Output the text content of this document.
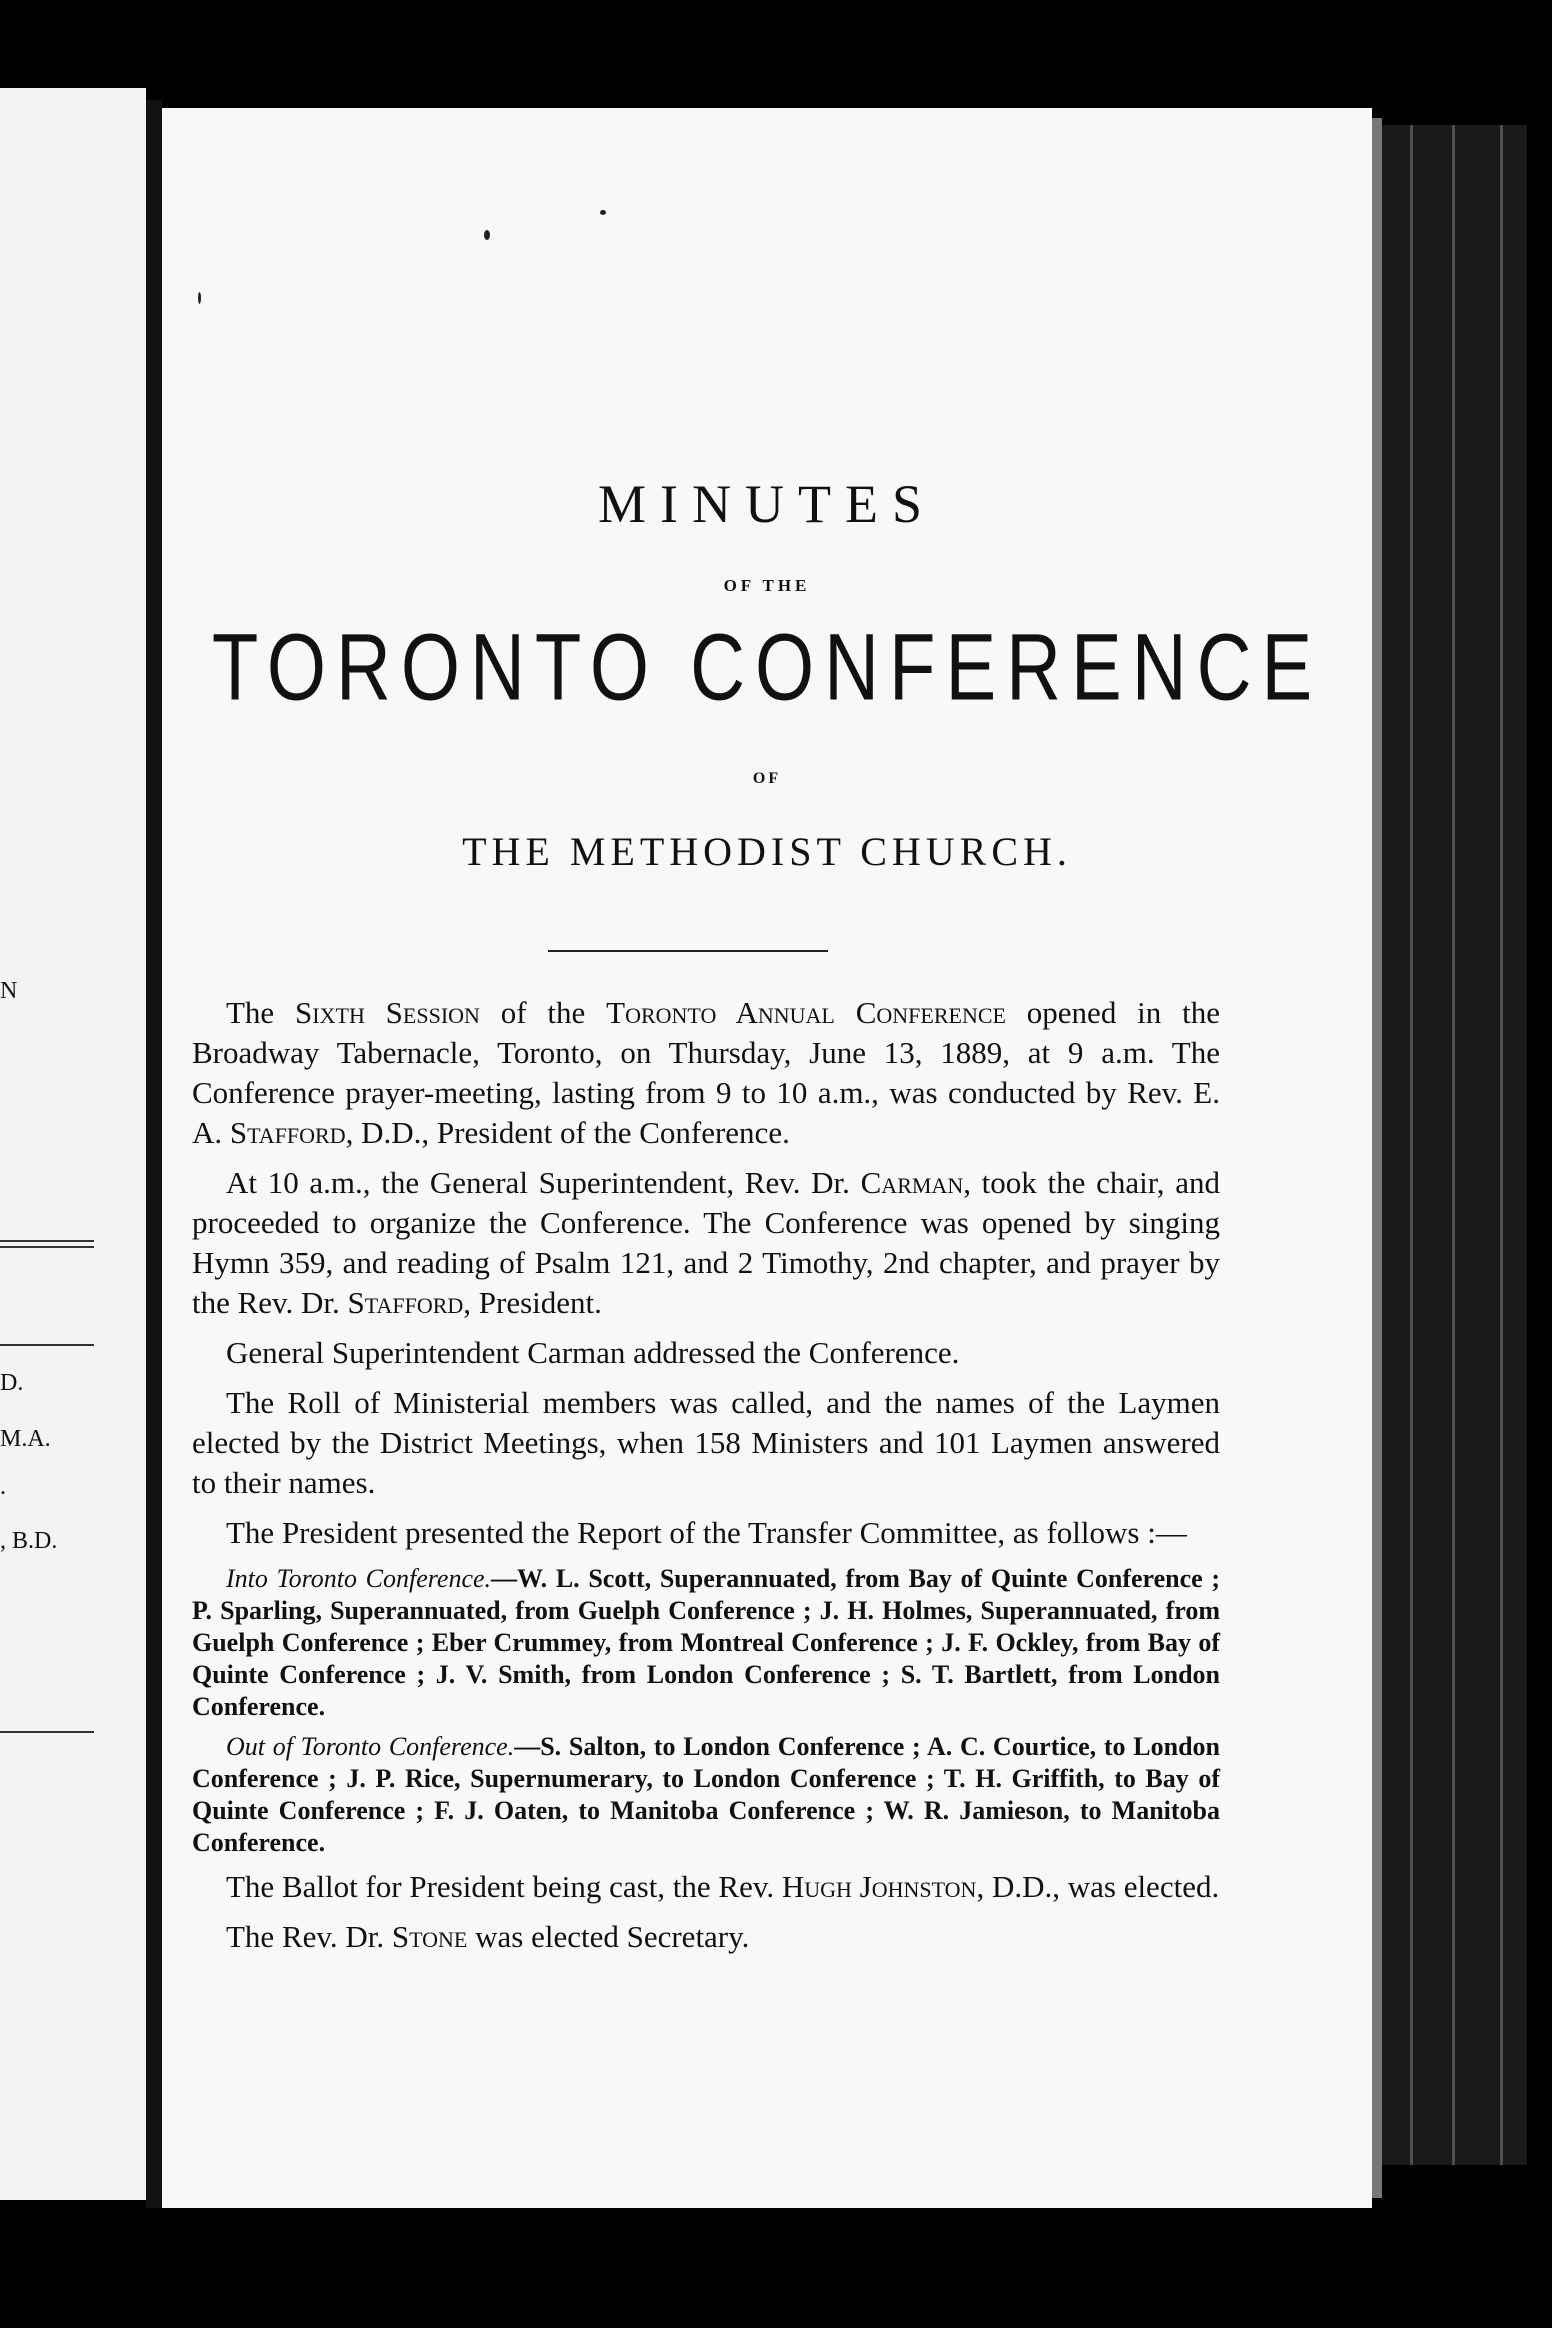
N
D.
M.A.
.
, B.D.
MINUTES
OF THE
TORONTO CONFERENCE
OF
THE METHODIST CHURCH.

The Sixth Session of the Toronto Annual Conference opened in the Broadway Tabernacle, Toronto, on Thursday, June 13, 1889, at 9 a.m. The Conference prayer-meeting, lasting from 9 to 10 a.m., was conducted by Rev. E. A. Stafford, D.D., President of the Conference.

At 10 a.m., the General Superintendent, Rev. Dr. Carman, took the chair, and proceeded to organize the Conference. The Conference was opened by singing Hymn 359, and reading of Psalm 121, and 2 Timothy, 2nd chapter, and prayer by the Rev. Dr. Stafford, President.

General Superintendent Carman addressed the Conference.

The Roll of Ministerial members was called, and the names of the Laymen elected by the District Meetings, when 158 Ministers and 101 Laymen answered to their names.

The President presented the Report of the Transfer Committee, as follows :—

Into Toronto Conference.—W. L. Scott, Superannuated, from Bay of Quinte Conference ; P. Sparling, Superannuated, from Guelph Conference ; J. H. Holmes, Superannuated, from Guelph Conference ; Eber Crummey, from Montreal Conference ; J. F. Ockley, from Bay of Quinte Conference ; J. V. Smith, from London Conference ; S. T. Bartlett, from London Conference.

Out of Toronto Conference.—S. Salton, to London Conference ; A. C. Courtice, to London Conference ; J. P. Rice, Supernumerary, to London Conference ; T. H. Griffith, to Bay of Quinte Conference ; F. J. Oaten, to Manitoba Conference ; W. R. Jamieson, to Manitoba Conference.

The Ballot for President being cast, the Rev. Hugh Johnston, D.D., was elected.

The Rev. Dr. Stone was elected Secretary.
